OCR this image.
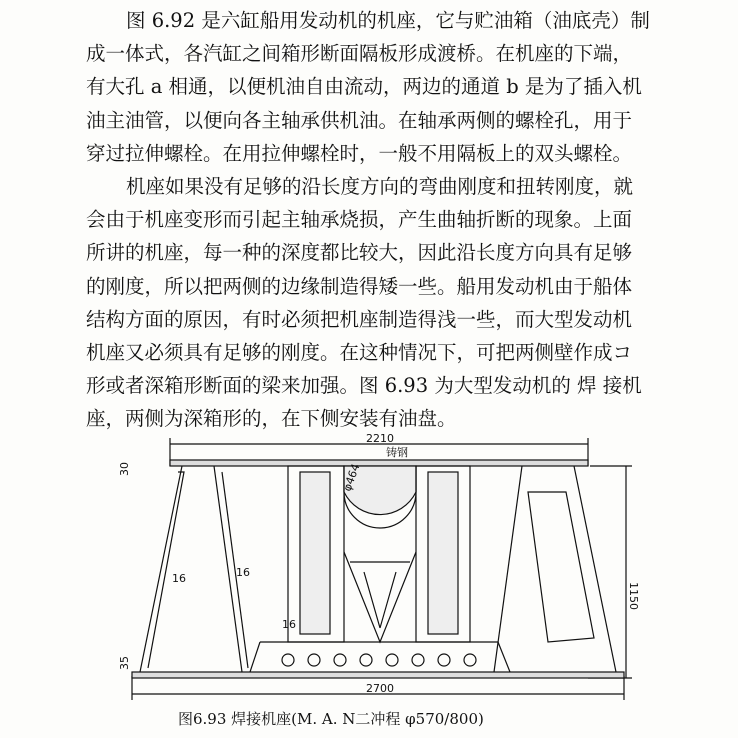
图 6.92 是六缸船用发动机的机座，它与贮油箱（油底壳）制
成一体式，各汽缸之间箱形断面隔板形成渡桥。在机座的下端，
有大孔 a 相通，以便机油自由流动，两边的通道 b 是为了插入机
油主油管，以便向各主轴承供机油。在轴承两侧的螺栓孔，用于
穿过拉伸螺栓。在用拉伸螺栓时，一般不用隔板上的双头螺栓。
机座如果没有足够的沿长度方向的弯曲刚度和扭转刚度，就
会由于机座变形而引起主轴承烧损，产生曲轴折断的现象。上面
所讲的机座，每一种的深度都比较大，因此沿长度方向具有足够
的刚度，所以把两侧的边缘制造得矮一些。船用发动机由于船体
结构方面的原因，有时必须把机座制造得浅一些，而大型发动机
机座又必须具有足够的刚度。在这种情况下，可把两侧壁作成コ
形或者深箱形断面的梁来加强。图 6.93 为大型发动机的 焊 接机
座，两侧为深箱形的，在下侧安装有油盘。
2210
2700
1150
30
35
φ464
铸钢
16	16
16
图6.93 焊接机座(M. A. N二冲程 φ570/800)
